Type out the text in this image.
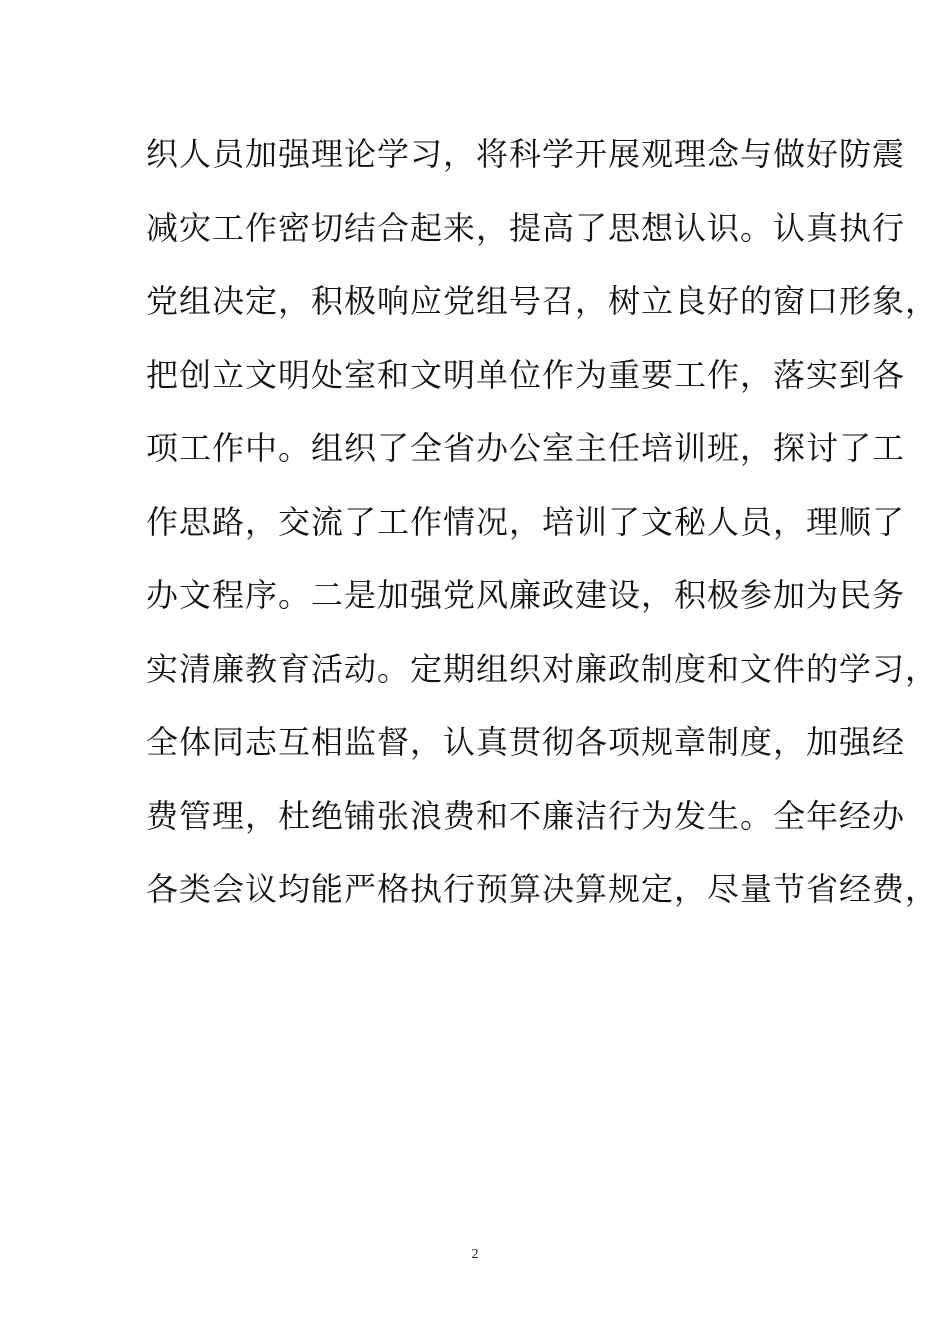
织人员加强理论学习，将科学开展观理念与做好防震
减灾工作密切结合起来，提高了思想认识。认真执行
党组决定，积极响应党组号召，树立良好的窗口形象，
把创立文明处室和文明单位作为重要工作，落实到各
项工作中。组织了全省办公室主任培训班，探讨了工
作思路，交流了工作情况，培训了文秘人员，理顺了
办文程序。二是加强党风廉政建设，积极参加为民务
实清廉教育活动。定期组织对廉政制度和文件的学习，
全体同志互相监督，认真贯彻各项规章制度，加强经
费管理，杜绝铺张浪费和不廉洁行为发生。全年经办
各类会议均能严格执行预算决算规定，尽量节省经费，
2
